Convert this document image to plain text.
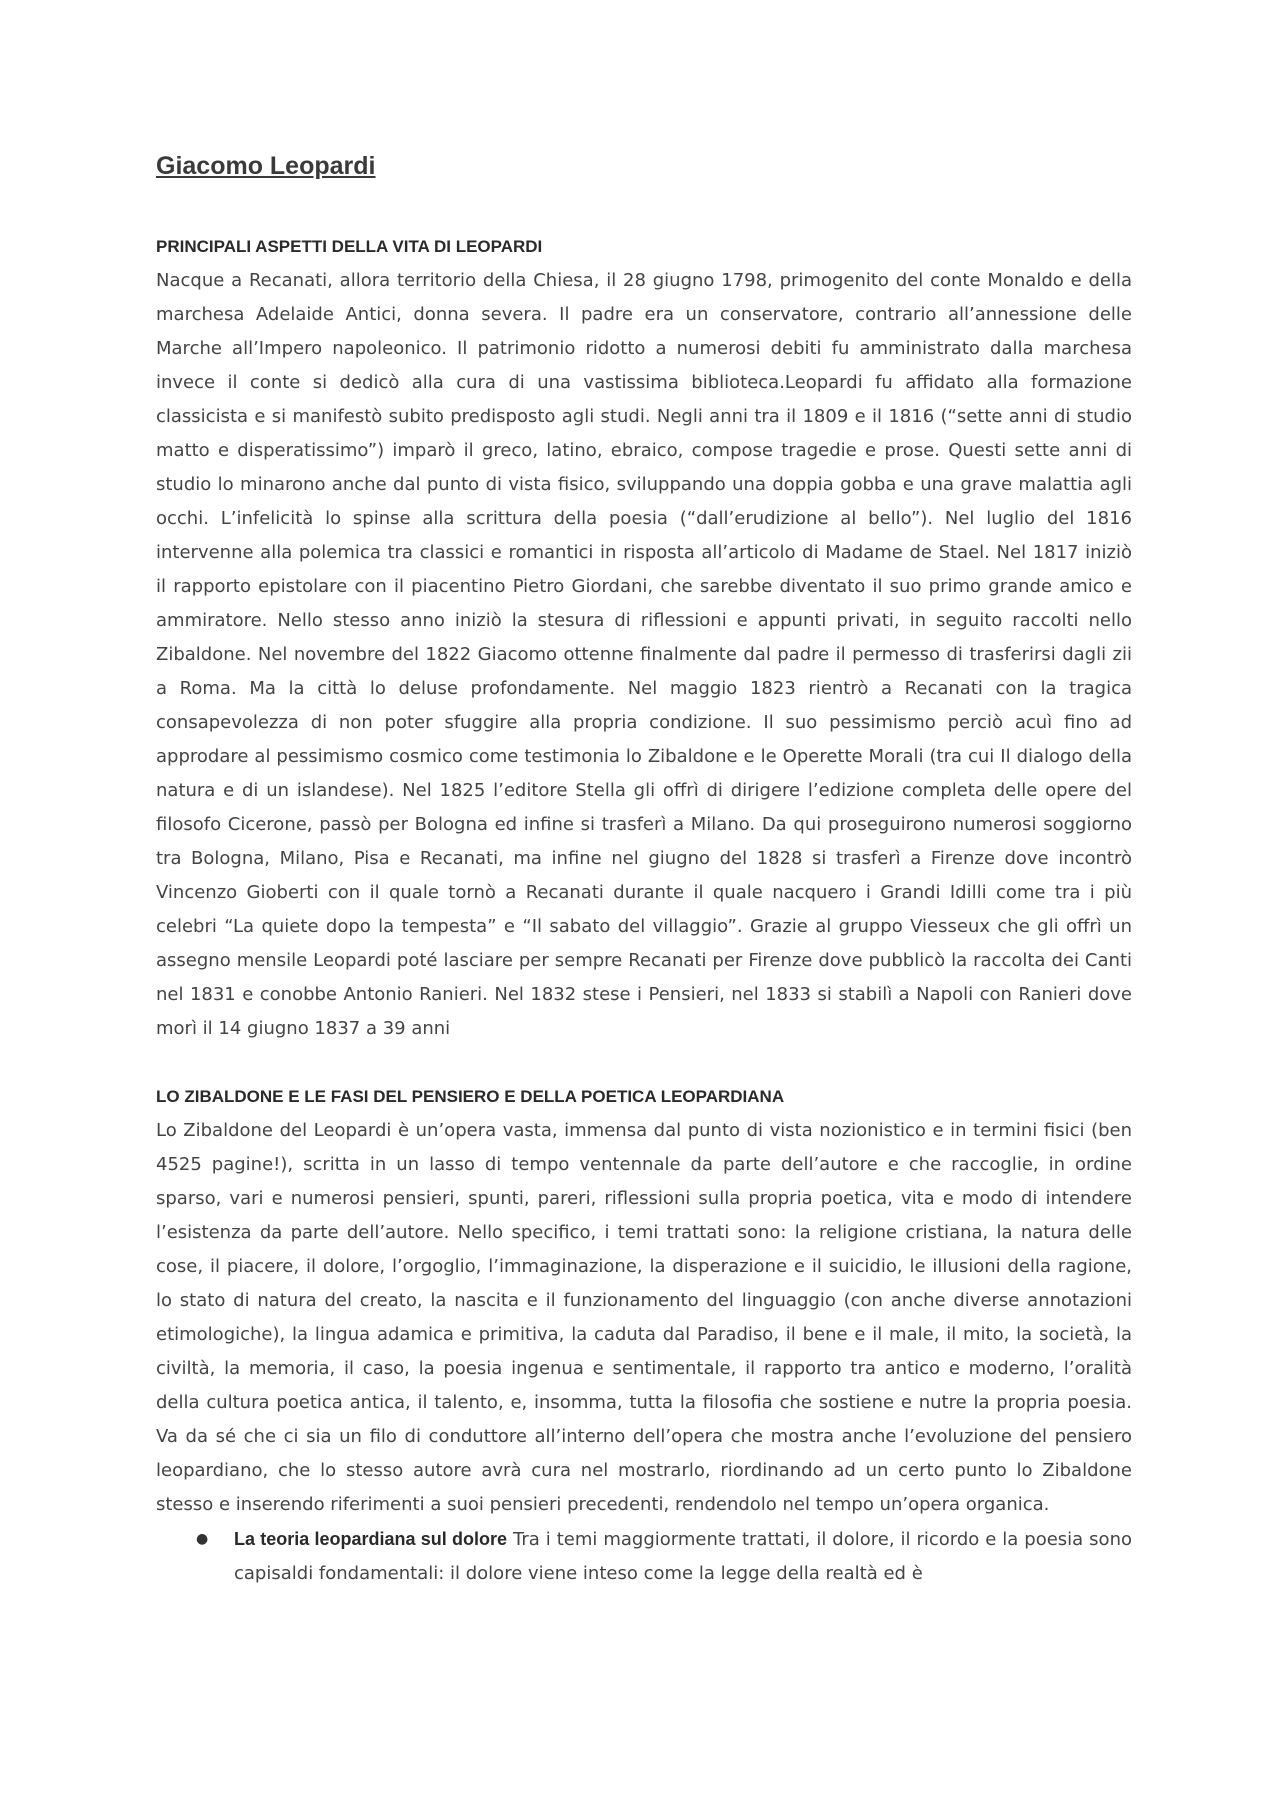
Giacomo Leopardi
PRINCIPALI ASPETTI DELLA VITA DI LEOPARDI

Nacque a Recanati, allora territorio della Chiesa, il 28 giugno 1798, primogenito del conte Monaldo e della marchesa Adelaide Antici, donna severa. Il padre era un conservatore, contrario all’annessione delle Marche all’Impero napoleonico. Il patrimonio ridotto a numerosi debiti fu amministrato dalla marchesa invece il conte si dedicò alla cura di una vastissima biblioteca.Leopardi fu affidato alla formazione classicista e si manifestò subito predisposto agli studi. Negli anni tra il 1809 e il 1816 (“sette anni di studio matto e disperatissimo”) imparò il greco, latino, ebraico, compose tragedie e prose. Questi sette anni di studio lo minarono anche dal punto di vista fisico, sviluppando una doppia gobba e una grave malattia agli occhi. L’infelicità lo spinse alla scrittura della poesia (“dall’erudizione al bello”). Nel luglio del 1816 intervenne alla polemica tra classici e romantici in risposta all’articolo di Madame de Stael. Nel 1817 iniziò il rapporto epistolare con il piacentino Pietro Giordani, che sarebbe diventato il suo primo grande amico e ammiratore. Nello stesso anno iniziò la stesura di riflessioni e appunti privati, in seguito raccolti nello Zibaldone. Nel novembre del 1822 Giacomo ottenne finalmente dal padre il permesso di trasferirsi dagli zii a Roma. Ma la città lo deluse profondamente. Nel maggio 1823 rientrò a Recanati con la tragica consapevolezza di non poter sfuggire alla propria condizione. Il suo pessimismo perciò acuì fino ad approdare al pessimismo cosmico come testimonia lo Zibaldone e le Operette Morali (tra cui Il dialogo della natura e di un islandese). Nel 1825 l’editore Stella gli offrì di dirigere l’edizione completa delle opere del filosofo Cicerone, passò per Bologna ed infine si trasferì a Milano. Da qui proseguirono numerosi soggiorno tra Bologna, Milano, Pisa e Recanati, ma infine nel giugno del 1828 si trasferì a Firenze dove incontrò Vincenzo Gioberti con il quale tornò a Recanati durante il quale nacquero i Grandi Idilli come tra i più celebri “La quiete dopo la tempesta” e “Il sabato del villaggio”. Grazie al gruppo Viesseux che gli offrì un assegno mensile Leopardi poté lasciare per sempre Recanati per Firenze dove pubblicò la raccolta dei Canti nel 1831 e conobbe Antonio Ranieri. Nel 1832 stese i Pensieri, nel 1833 si stabilì a Napoli con Ranieri dove morì il 14 giugno 1837 a 39 anni

LO ZIBALDONE E LE FASI DEL PENSIERO E DELLA POETICA LEOPARDIANA

Lo Zibaldone del Leopardi è un’opera vasta, immensa dal punto di vista nozionistico e in termini fisici (ben 4525 pagine!), scritta in un lasso di tempo ventennale da parte dell’autore e che raccoglie, in ordine sparso, vari e numerosi pensieri, spunti, pareri, riflessioni sulla propria poetica, vita e modo di intendere l’esistenza da parte dell’autore. Nello specifico, i temi trattati sono: la religione cristiana, la natura delle cose, il piacere, il dolore, l’orgoglio, l’immaginazione, la disperazione e il suicidio, le illusioni della ragione, lo stato di natura del creato, la nascita e il funzionamento del linguaggio (con anche diverse annotazioni etimologiche), la lingua adamica e primitiva, la caduta dal Paradiso, il bene e il male, il mito, la società, la civiltà, la memoria, il caso, la poesia ingenua e sentimentale, il rapporto tra antico e moderno, l’oralità della cultura poetica antica, il talento, e, insomma, tutta la filosofia che sostiene e nutre la propria poesia. Va da sé che ci sia un filo di conduttore all’interno dell’opera che mostra anche l’evoluzione del pensiero leopardiano, che lo stesso autore avrà cura nel mostrarlo, riordinando ad un certo punto lo Zibaldone stesso e inserendo riferimenti a suoi pensieri precedenti, rendendolo nel tempo un’opera organica.

● La teoria leopardiana sul dolore Tra i temi maggiormente trattati, il dolore, il ricordo e la poesia sono capisaldi fondamentali: il dolore viene inteso come la legge della realtà ed è
